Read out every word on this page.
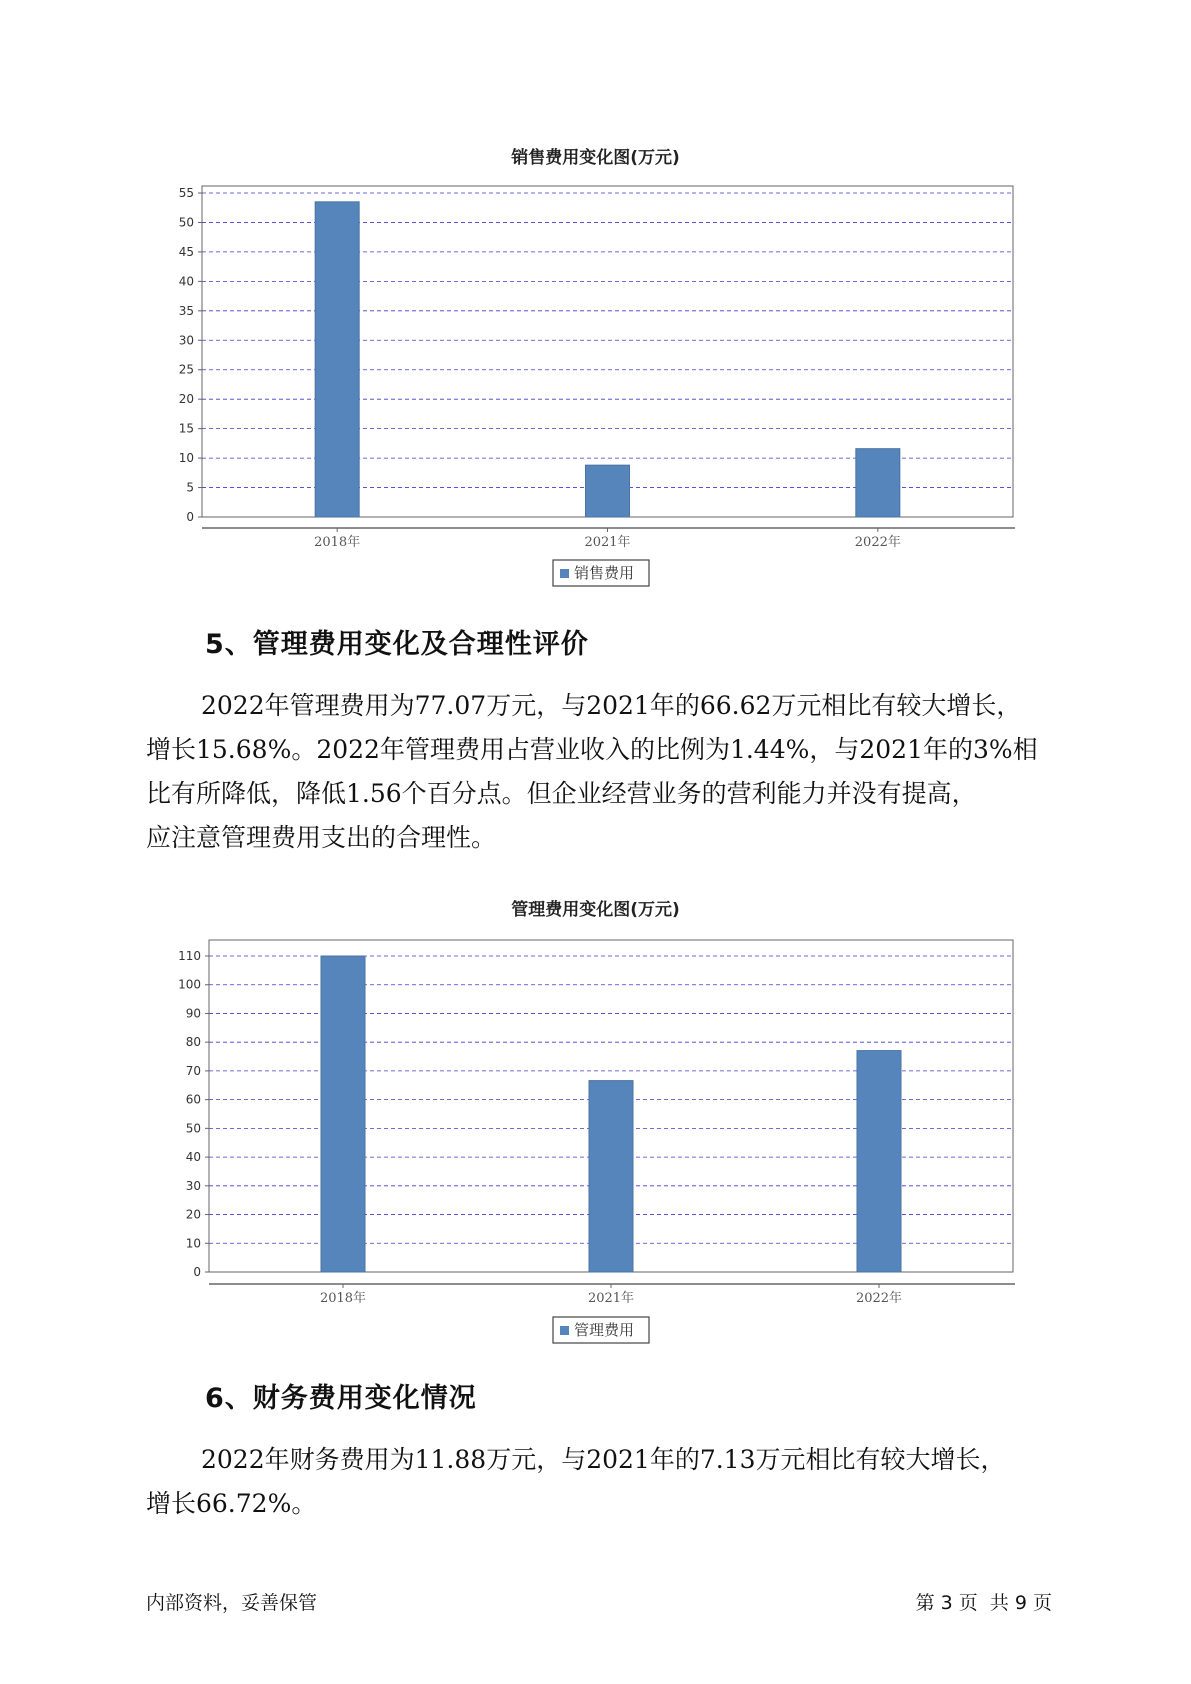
销售费用变化图(万元)
0
5
10
15
20
25
30
35
40
45
50
55
2018年	2021年	2022年
销售费用
5、管理费用变化及合理性评价

2022年管理费用为77.07万元，与2021年的66.62万元相比有较大增长，

增长15.68%。2022年管理费用占营业收入的比例为1.44%，与2021年的3%相

比有所降低，降低1.56个百分点。但企业经营业务的营利能力并没有提高，

应注意管理费用支出的合理性。

管理费用变化图(万元)
0
10
20
30
40
50
60
70
80
90
100
110
2018年	2021年	2022年
管理费用
6、财务费用变化情况

2022年财务费用为11.88万元，与2021年的7.13万元相比有较大增长，

增长66.72%。

内部资料，妥善保管	第 3 页  共 9 页
